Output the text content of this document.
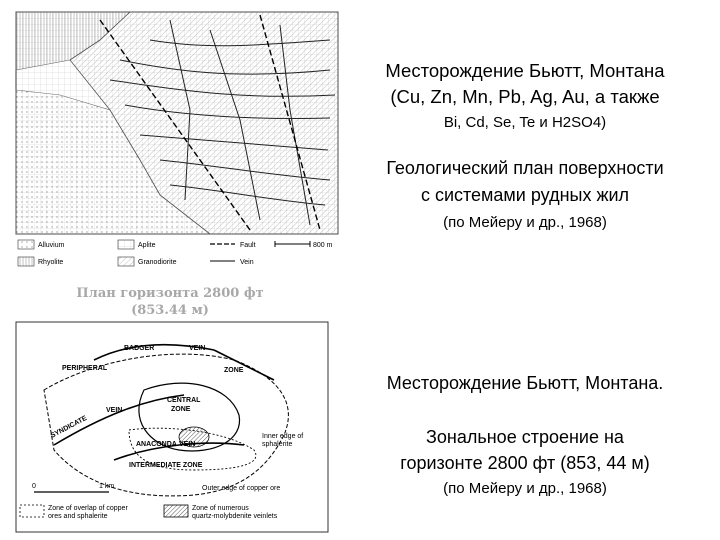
Месторождение Бьютт, Монтана
(Cu, Zn, Mn, Pb, Ag, Au, а также
Bi, Cd, Se, Te и H2SO4)
Геологический план поверхности
с системами рудных жил
(по Мейеру и др., 1968)
Месторождение Бьютт, Монтана.
Зональное строение на
горизонте 2800 фт (853, 44 м)
(по Мейеру и др., 1968)
Alluvium
Rhyolite
Aplite
Granodiorite
Fault
Vein
800 m
План горизонта 2800 фт
(853.44 м)
BADGER	VEIN
ZONE
PERIPHERAL
CENTRAL
ZONE
SYNDICATE
VEIN
ANACONDA VEIN
INTERMEDIATE ZONE
Inner edge of
sphalerite
Outer edge of copper ore
0	1 km
Zone of overlap of copper
ores and sphalerite
Zone of numerous
quartz-molybdenite veinlets
